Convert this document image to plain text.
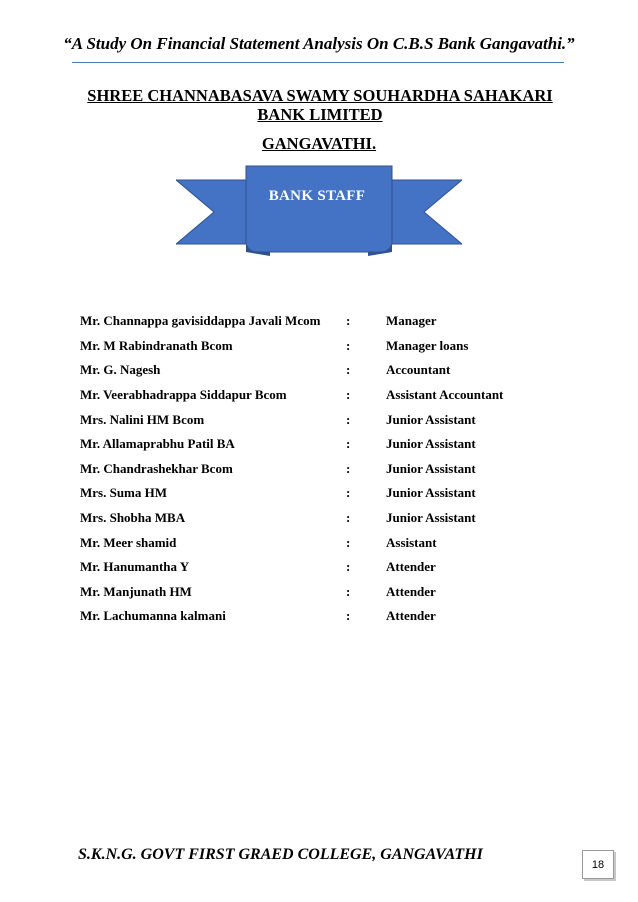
“A Study On Financial Statement Analysis On C.B.S Bank Gangavathi.”
SHREE CHANNABASAVA SWAMY SOUHARDHA SAHAKARI BANK LIMITED
GANGAVATHI.
BANK STAFF
Mr. Channappa gavisiddappa Javali Mcom	:	Manager
Mr. M Rabindranath Bcom	:	Manager loans
Mr. G. Nagesh	:	Accountant
Mr. Veerabhadrappa Siddapur Bcom	:	Assistant Accountant
Mrs. Nalini HM Bcom	:	Junior Assistant
Mr. Allamaprabhu Patil BA	:	Junior Assistant
Mr. Chandrashekhar Bcom	:	Junior Assistant
Mrs. Suma HM	:	Junior Assistant
Mrs. Shobha MBA	:	Junior Assistant
Mr. Meer shamid	:	Assistant
Mr. Hanumantha Y	:	Attender
Mr. Manjunath HM	:	Attender
Mr. Lachumanna kalmani	:	Attender
S.K.N.G. GOVT FIRST GRAED COLLEGE, GANGAVATHI
18
